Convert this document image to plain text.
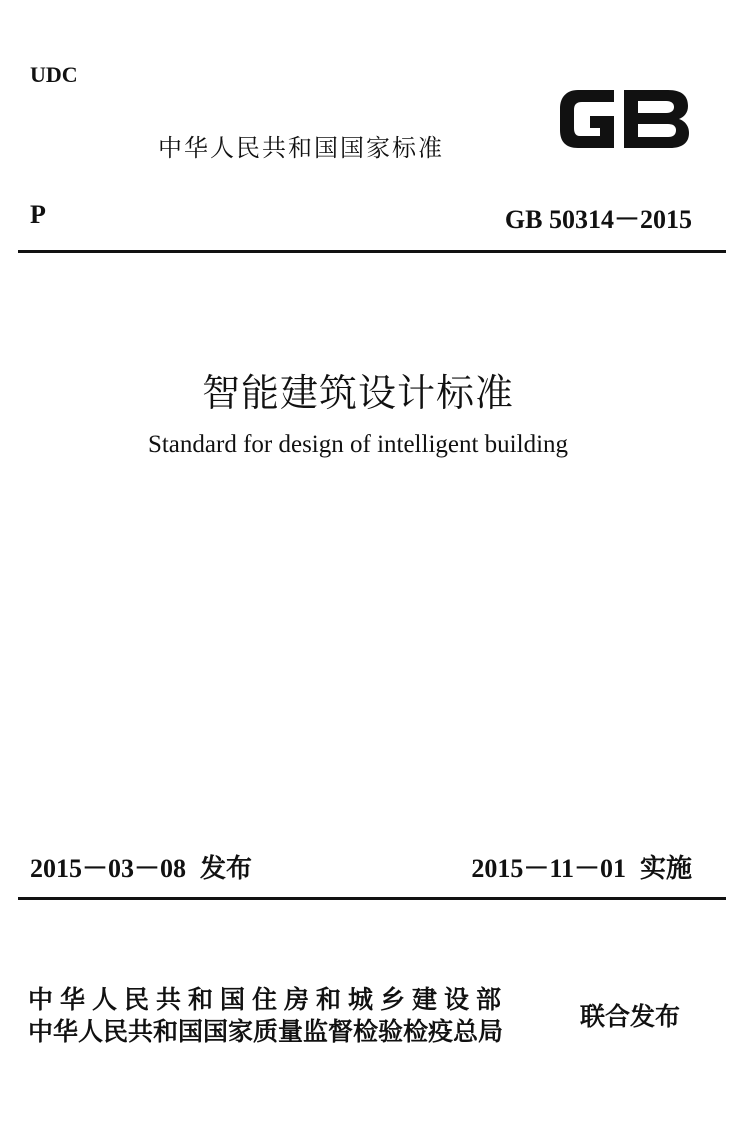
UDC
中华人民共和国国家标准
P	GB 50314－2015
智能建筑设计标准
Standard for design of intelligent building
2015－03－08 发布	2015－11－01 实施
中华人民共和国住房和城乡建设部
中华人民共和国国家质量监督检验检疫总局
联合发布
